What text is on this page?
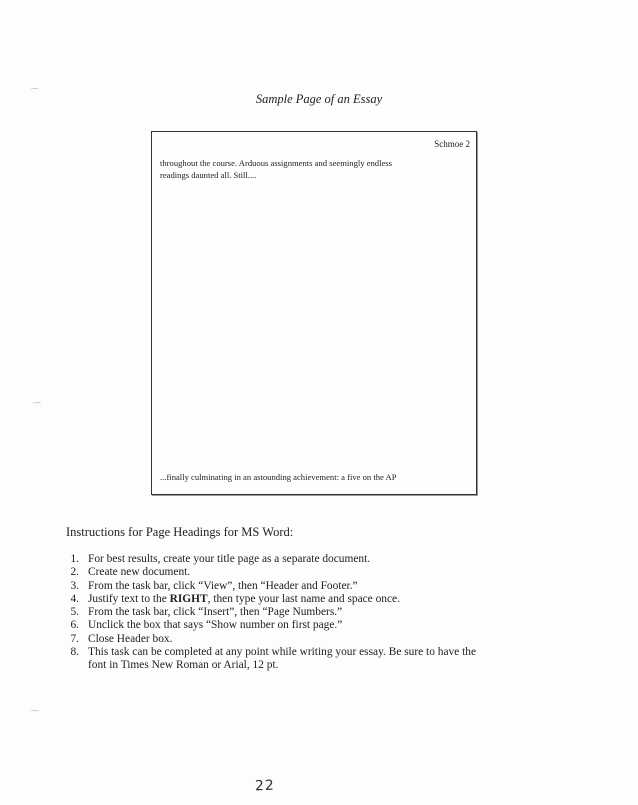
Sample Page of an Essay
Schmoe 2
throughout the course. Arduous assignments and seemingly endless
readings daunted all. Still....
...finally culminating in an astounding achievement: a five on the AP
Instructions for Page Headings for MS Word:
1. For best results, create your title page as a separate document.
2. Create new document.
3. From the task bar, click “View”, then “Header and Footer.”
4. Justify text to the RIGHT, then type your last name and space once.
5. From the task bar, click “Insert”, then “Page Numbers.”
6. Unclick the box that says “Show number on first page.”
7. Close Header box.
8. This task can be completed at any point while writing your essay. Be sure to have the
font in Times New Roman or Arial, 12 pt.
22
